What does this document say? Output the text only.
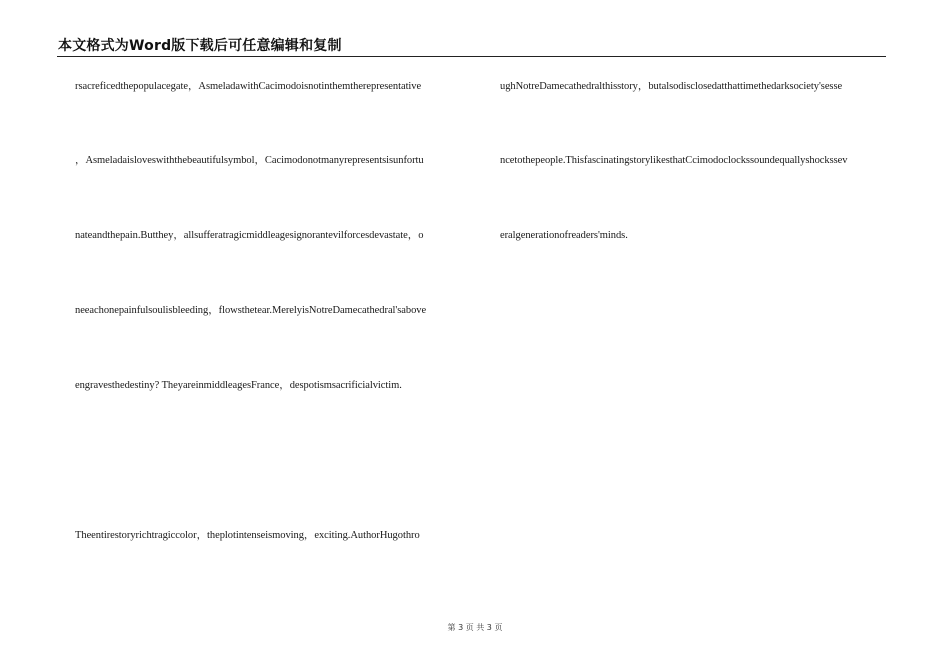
本文格式为Word版下载后可任意编辑和复制
rsacreficedthepopulacegate，AsmeladawithCacimodoisnotinthemtherepresentative
，Asmeladaisloveswiththebeautifulsymbol，Cacimodonotmanyrepresentsisunfortu
nateandthepain.Butthey，allsufferatragicmiddleagesignorantevilforcesdevastate，o
neeachonepainfulsoulisbleeding，flowsthetear.MerelyisNotreDamecathedral'sabove
engravesthedestiny? TheyareinmiddleagesFrance，despotismsacrificialvictim.
Theentirestoryrichtragiccolor，theplotintenseismoving，exciting.AuthorHugothro
ughNotreDamecathedralthisstory，butalsodisclosedatthattimethedarksociety'sesse
ncetothepeople.ThisfascinatingstorylikesthatCcimodoclockssoundequallyshockssev
eralgenerationofreaders'minds.
第 3 页 共 3 页
